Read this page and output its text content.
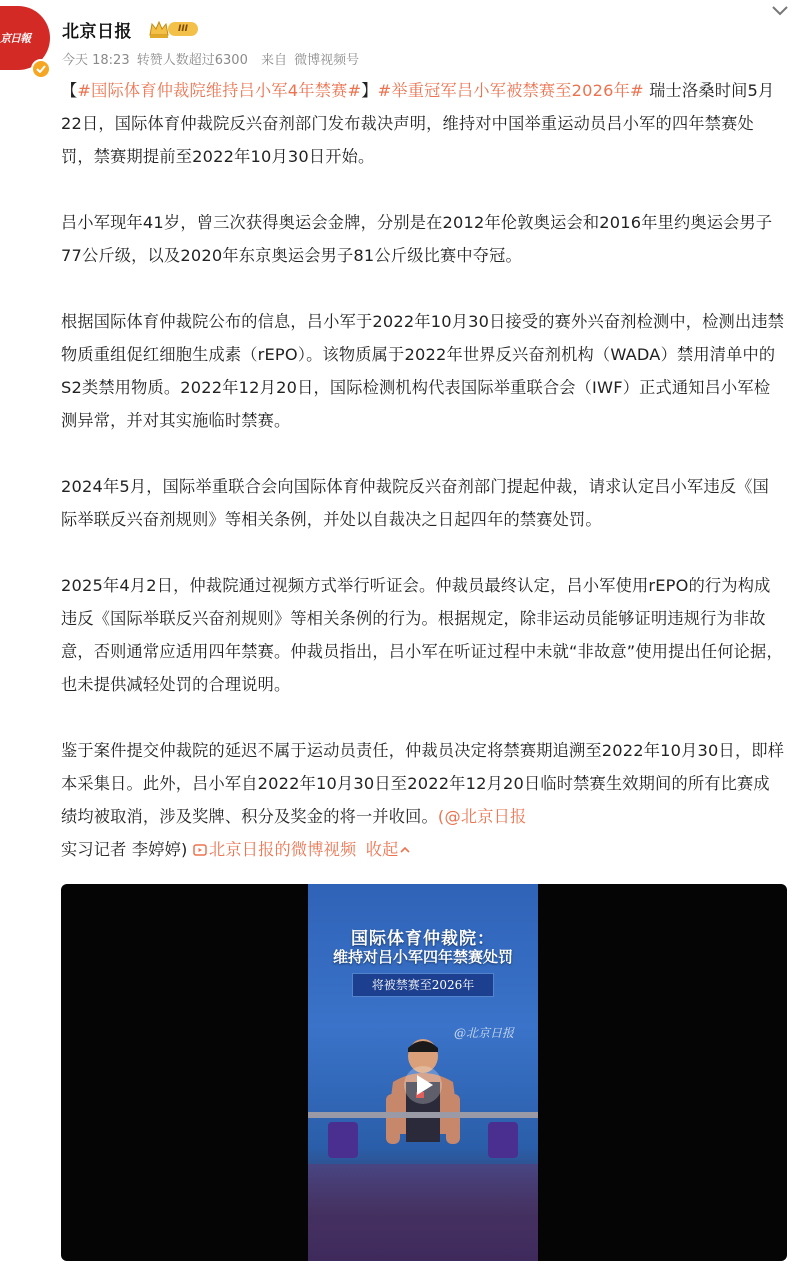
京日報	北京日报	III
今天 18:23 转赞人数超过6300 来自 微博视频号

【#国际体育仲裁院维持吕小军4年禁赛#】#举重冠军吕小军被禁赛至2026年# 瑞士洛桑时间5月22日，国际体育仲裁院反兴奋剂部门发布裁决声明，维持对中国举重运动员吕小军的四年禁赛处罚，禁赛期提前至2022年10月30日开始。

吕小军现年41岁，曾三次获得奥运会金牌，分别是在2012年伦敦奥运会和2016年里约奥运会男子77公斤级，以及2020年东京奥运会男子81公斤级比赛中夺冠。

根据国际体育仲裁院公布的信息，吕小军于2022年10月30日接受的赛外兴奋剂检测中，检测出违禁物质重组促红细胞生成素（rEPO）。该物质属于2022年世界反兴奋剂机构（WADA）禁用清单中的S2类禁用物质。2022年12月20日，国际检测机构代表国际举重联合会（IWF）正式通知吕小军检测异常，并对其实施临时禁赛。

2024年5月，国际举重联合会向国际体育仲裁院反兴奋剂部门提起仲裁，请求认定吕小军违反《国际举联反兴奋剂规则》等相关条例，并处以自裁决之日起四年的禁赛处罚。

2025年4月2日，仲裁院通过视频方式举行听证会。仲裁员最终认定，吕小军使用rEPO的行为构成违反《国际举联反兴奋剂规则》等相关条例的行为。根据规定，除非运动员能够证明违规行为非故意，否则通常应适用四年禁赛。仲裁员指出，吕小军在听证过程中未就“非故意”使用提出任何论据，也未提供减轻处罚的合理说明。

鉴于案件提交仲裁院的延迟不属于运动员责任，仲裁员决定将禁赛期追溯至2022年10月30日，即样本采集日。此外，吕小军自2022年10月30日至2022年12月20日临时禁赛生效期间的所有比赛成绩均被取消，涉及奖牌、积分及奖金的将一并收回。(@北京日报
实习记者 李婷婷) 北京日报的微博视频 收起

国际体育仲裁院：
维持对吕小军四年禁赛处罚
将被禁赛至2026年
@北京日报
